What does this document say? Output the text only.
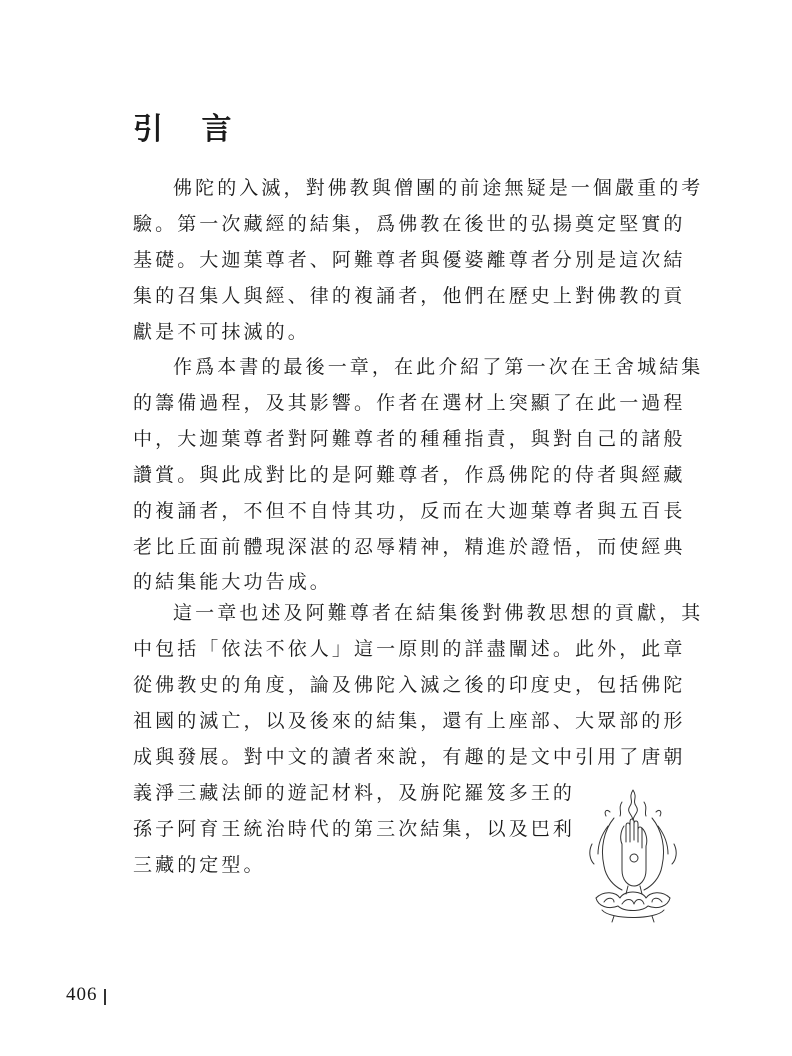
引 言
佛陀的入滅，對佛教與僧團的前途無疑是一個嚴重的考
驗。第一次藏經的結集，爲佛教在後世的弘揚奠定堅實的
基礎。大迦葉尊者、阿難尊者與優婆離尊者分別是這次結
集的召集人與經、律的複誦者，他們在歷史上對佛教的貢
獻是不可抹滅的。
作爲本書的最後一章，在此介紹了第一次在王舍城結集
的籌備過程，及其影響。作者在選材上突顯了在此一過程
中，大迦葉尊者對阿難尊者的種種指責，與對自己的諸般
讚賞。與此成對比的是阿難尊者，作爲佛陀的侍者與經藏
的複誦者，不但不自恃其功，反而在大迦葉尊者與五百長
老比丘面前體現深湛的忍辱精神，精進於證悟，而使經典
的結集能大功告成。
這一章也述及阿難尊者在結集後對佛教思想的貢獻，其
中包括「依法不依人」這一原則的詳盡闡述。此外，此章
從佛教史的角度，論及佛陀入滅之後的印度史，包括佛陀
祖國的滅亡，以及後來的結集，還有上座部、大眾部的形
成與發展。對中文的讀者來說，有趣的是文中引用了唐朝
義淨三藏法師的遊記材料，及旃陀羅笈多王的
孫子阿育王統治時代的第三次結集，以及巴利
三藏的定型。
406
